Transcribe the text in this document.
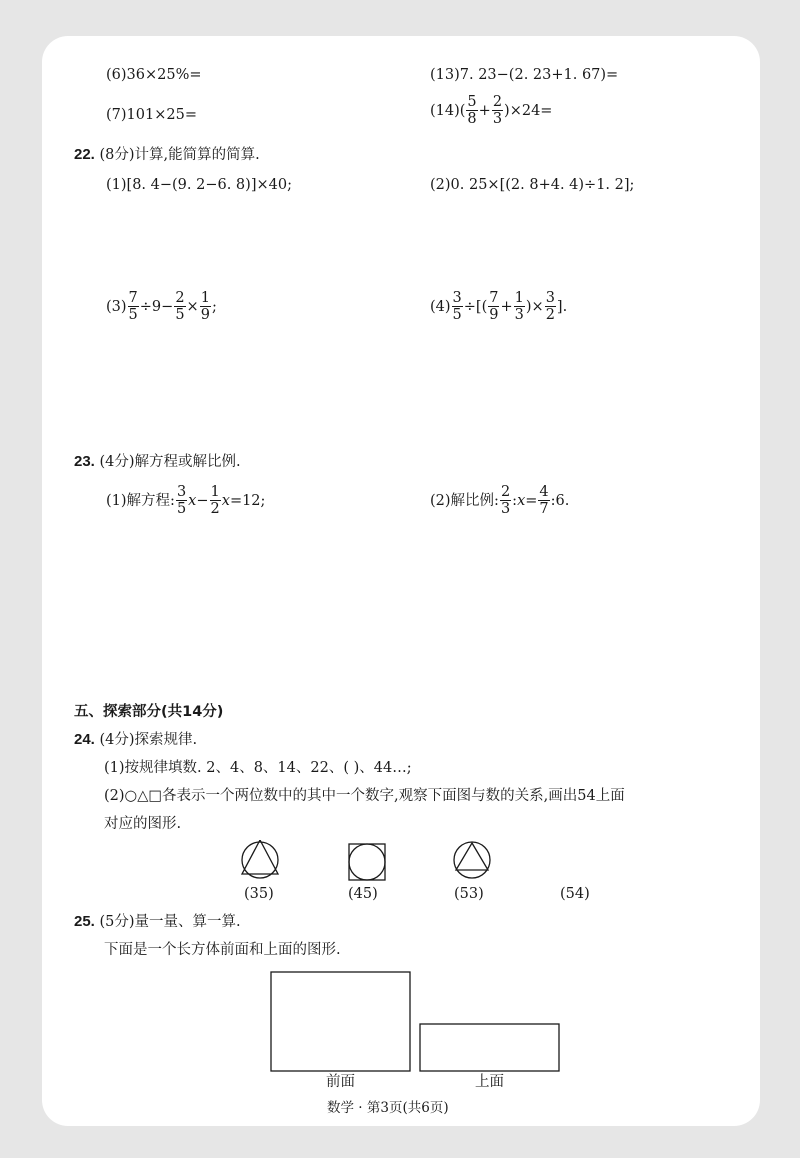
(6)36×25%=	(13)7. 23−(2. 23+1. 67)=
(7)101×25=	$(14)( \frac{5}{8} + \frac{2}{3} )\times 24=$
22. (8分)计算,能简算的简算.
(1)[8. 4−(9. 2−6. 8)]×40;	(2)0. 25×[(2. 8+4. 4)÷1. 2];
$(3) \frac{7}{5} \div 9- \frac{2}{5} \times \frac{1}{9}$ ;	$(4) \frac{3}{5}$ ÷[( $\frac{7}{9} + \frac{1}{3}$ )× $\frac{3}{2}$ ].
23. (4分)解方程或解比例.
(1)解方程: $\frac{3}{5}$ $x - \frac{1}{2}$ x =12;	(2)解比例: $\frac{2}{3}$ : $x = \frac{4}{7}$ :6.
五、探索部分(共14分)
24. (4分)探索规律.
(1)按规律填数. 2、4、8、14、22、( )、44…;
(2)○△□各表示一个两位数中的其中一个数字,观察下面图与数的关系,画出54上面
对应的图形.
(35)	(45)	(53)	(54)
25. (5分)量一量、算一算.
下面是一个长方体前面和上面的图形.
前面	上面
数学 · 第3页(共6页)
